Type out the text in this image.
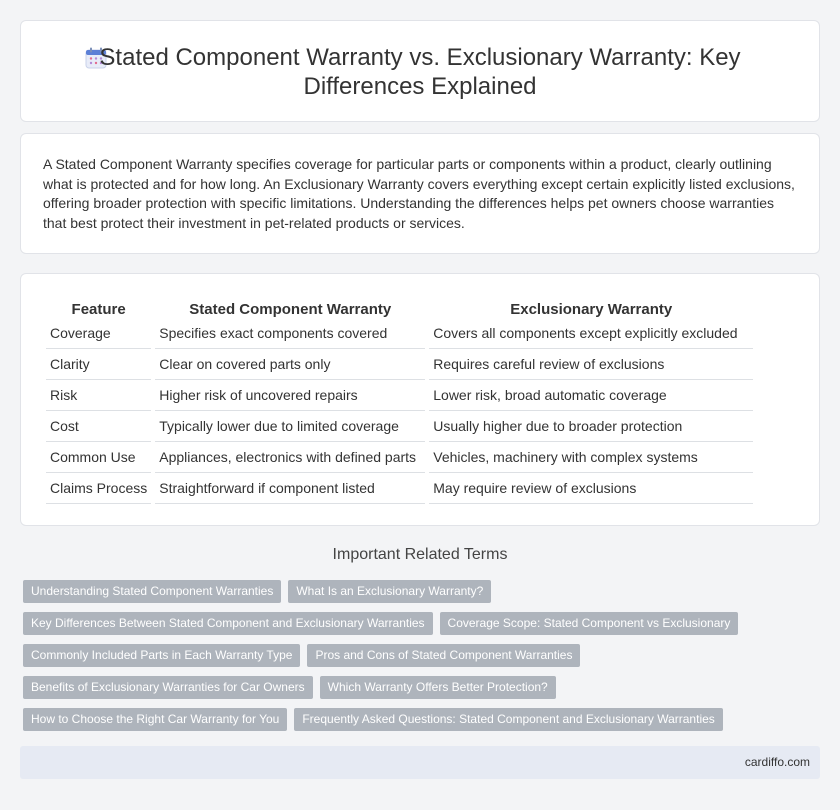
Stated Component Warranty vs. Exclusionary Warranty: Key Differences Explained

A Stated Component Warranty specifies coverage for particular parts or components within a product, clearly outlining what is protected and for how long. An Exclusionary Warranty covers everything except certain explicitly listed exclusions, offering broader protection with specific limitations. Understanding the differences helps pet owners choose warranties that best protect their investment in pet-related products or services.

Feature	Stated Component Warranty	Exclusionary Warranty
Coverage	Specifies exact components covered	Covers all components except explicitly excluded
Clarity	Clear on covered parts only	Requires careful review of exclusions
Risk	Higher risk of uncovered repairs	Lower risk, broad automatic coverage
Cost	Typically lower due to limited coverage	Usually higher due to broader protection
Common Use	Appliances, electronics with defined parts	Vehicles, machinery with complex systems
Claims Process	Straightforward if component listed	May require review of exclusions
Important Related Terms
Understanding Stated Component Warranties	What Is an Exclusionary Warranty?
Key Differences Between Stated Component and Exclusionary Warranties	Coverage Scope: Stated Component vs Exclusionary
Commonly Included Parts in Each Warranty Type	Pros and Cons of Stated Component Warranties
Benefits of Exclusionary Warranties for Car Owners	Which Warranty Offers Better Protection?
How to Choose the Right Car Warranty for You	Frequently Asked Questions: Stated Component and Exclusionary Warranties
cardiffo.com
